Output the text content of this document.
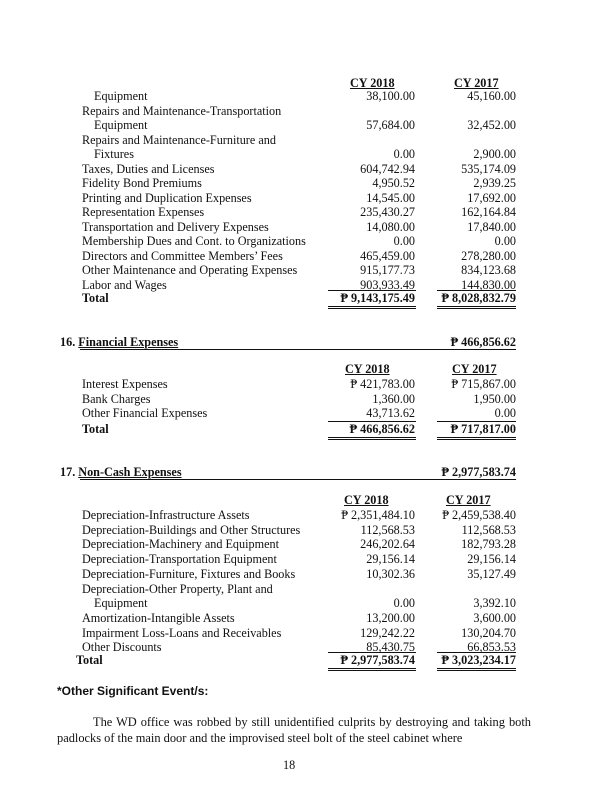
CY 2018	CY 2017
Equipment	38,100.00	45,160.00
Repairs and Maintenance-Transportation
Equipment	57,684.00	32,452.00
Repairs and Maintenance-Furniture and
Fixtures	0.00	2,900.00
Taxes, Duties and Licenses	604,742.94	535,174.09
Fidelity Bond Premiums	4,950.52	2,939.25
Printing and Duplication Expenses	14,545.00	17,692.00
Representation Expenses	235,430.27	162,164.84
Transportation and Delivery Expenses	14,080.00	17,840.00
Membership Dues and Cont. to Organizations	0.00	0.00
Directors and Committee Members’ Fees	465,459.00	278,280.00
Other Maintenance and Operating Expenses	915,177.73	834,123.68
Labor and Wages	903,933.49	144,830.00
Total	₱ 9,143,175.49 ₱ 8,028,832.79
16. Financial Expenses	₱ 466,856.62
CY 2018	CY 2017
Interest Expenses	₱ 421,783.00	₱ 715,867.00
Bank Charges	1,360.00	1,950.00
Other Financial Expenses	43,713.62	0.00
Total	₱ 466,856.62	₱ 717,817.00
17. Non-Cash Expenses	₱ 2,977,583.74
CY 2018	CY 2017
Depreciation-Infrastructure Assets	₱ 2,351,484.10 ₱ 2,459,538.40
Depreciation-Buildings and Other Structures	112,568.53	112,568.53
Depreciation-Machinery and Equipment	246,202.64	182,793.28
Depreciation-Transportation Equipment	29,156.14	29,156.14
Depreciation-Furniture, Fixtures and Books	10,302.36	35,127.49
Depreciation-Other Property, Plant and
Equipment	0.00	3,392.10
Amortization-Intangible Assets	13,200.00	3,600.00
Impairment Loss-Loans and Receivables	129,242.22	130,204.70
Other Discounts	85,430.75	66,853.53
Total	₱ 2,977,583.74 ₱ 3,023,234.17
*Other Significant Event/s:
The WD office was robbed by still unidentified culprits by destroying and taking both padlocks of the main door and the improvised steel bolt of the steel cabinet where
18
